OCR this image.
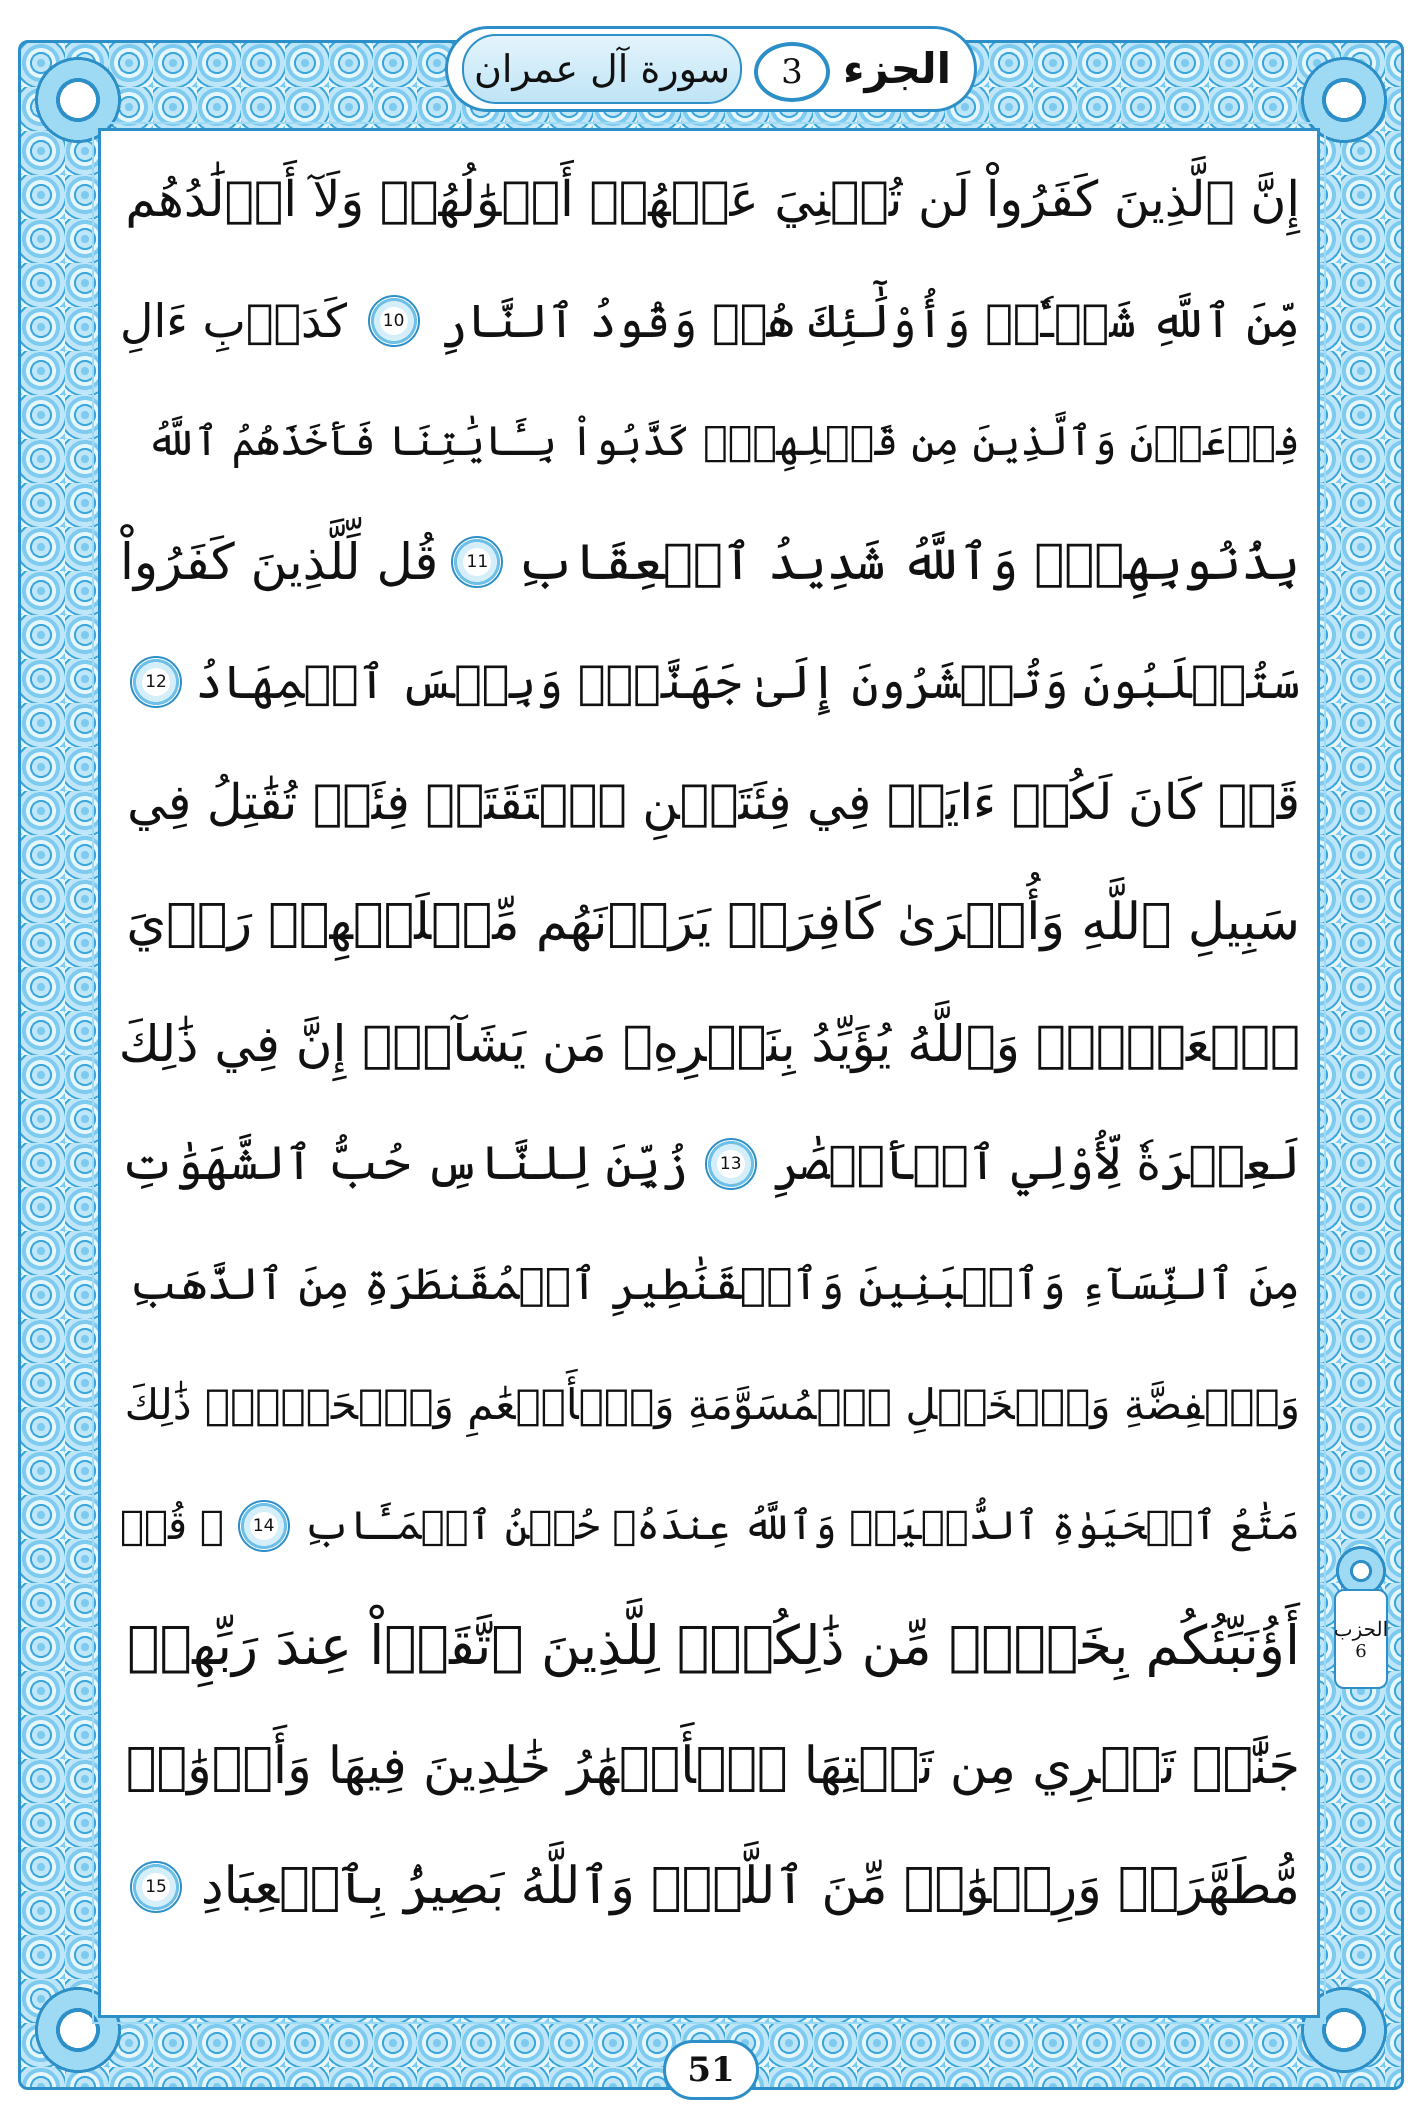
الجزء
3
سورة آل عمران
إِنَّ ٱلَّذِينَ كَفَرُواْ لَن تُغۡنِيَ عَنۡهُمۡ أَمۡوَٰلُهُمۡ وَلَآ أَوۡلَٰدُهُم
مِّنَ ٱللَّهِ شَيۡـٔٗاۖ وَأُوْلَٰٓئِكَ هُمۡ وَقُودُ ٱلنَّارِ
10
كَدَأۡبِ ءَالِ
فِرۡعَوۡنَ وَٱلَّذِينَ مِن قَبۡلِهِمۡۚ كَذَّبُواْ بِـَٔايَٰتِنَا فَأَخَذَهُمُ ٱللَّهُ
بِذُنُوبِهِمۡۗ وَٱللَّهُ شَدِيدُ ٱلۡعِقَابِ
11
قُل لِّلَّذِينَ كَفَرُواْ
سَتُغۡلَبُونَ وَتُحۡشَرُونَ إِلَىٰ جَهَنَّمَۖ وَبِئۡسَ ٱلۡمِهَادُ
12
قَدۡ كَانَ لَكُمۡ ءَايَةٞ فِي فِئَتَيۡنِ ٱلۡتَقَتَاۖ فِئَةٞ تُقَٰتِلُ فِي
سَبِيلِ ٱللَّهِ وَأُخۡرَىٰ كَافِرَةٞ يَرَوۡنَهُم مِّثۡلَيۡهِمۡ رَأۡيَ
ٱلۡعَيۡنِۚ وَٱللَّهُ يُؤَيِّدُ بِنَصۡرِهِۦ مَن يَشَآءُۚ إِنَّ فِي ذَٰلِكَ
لَعِبۡرَةٗ لِّأُوْلِي ٱلۡأَبۡصَٰرِ
13
زُيِّنَ لِلنَّاسِ حُبُّ ٱلشَّهَوَٰتِ
مِنَ ٱلنِّسَآءِ وَٱلۡبَنِينَ وَٱلۡقَنَٰطِيرِ ٱلۡمُقَنطَرَةِ مِنَ ٱلذَّهَبِ
وَٱلۡفِضَّةِ وَٱلۡخَيۡلِ ٱلۡمُسَوَّمَةِ وَٱلۡأَنۡعَٰمِ وَٱلۡحَرۡثِۗ ذَٰلِكَ
مَتَٰعُ ٱلۡحَيَوٰةِ ٱلدُّنۡيَاۖ وَٱللَّهُ عِندَهُۥ حُسۡنُ ٱلۡمَـَٔابِ
14
۞ قُلۡ
أَؤُنَبِّئُكُم بِخَيۡرٖ مِّن ذَٰلِكُمۡۖ لِلَّذِينَ ٱتَّقَوۡاْ عِندَ رَبِّهِمۡ
جَنَّٰتٞ تَجۡرِي مِن تَحۡتِهَا ٱلۡأَنۡهَٰرُ خَٰلِدِينَ فِيهَا وَأَزۡوَٰجٞ
مُّطَهَّرَةٞ وَرِضۡوَٰنٞ مِّنَ ٱللَّهِۗ وَٱللَّهُ بَصِيرُۢ بِٱلۡعِبَادِ
15
الحزب
6
51
